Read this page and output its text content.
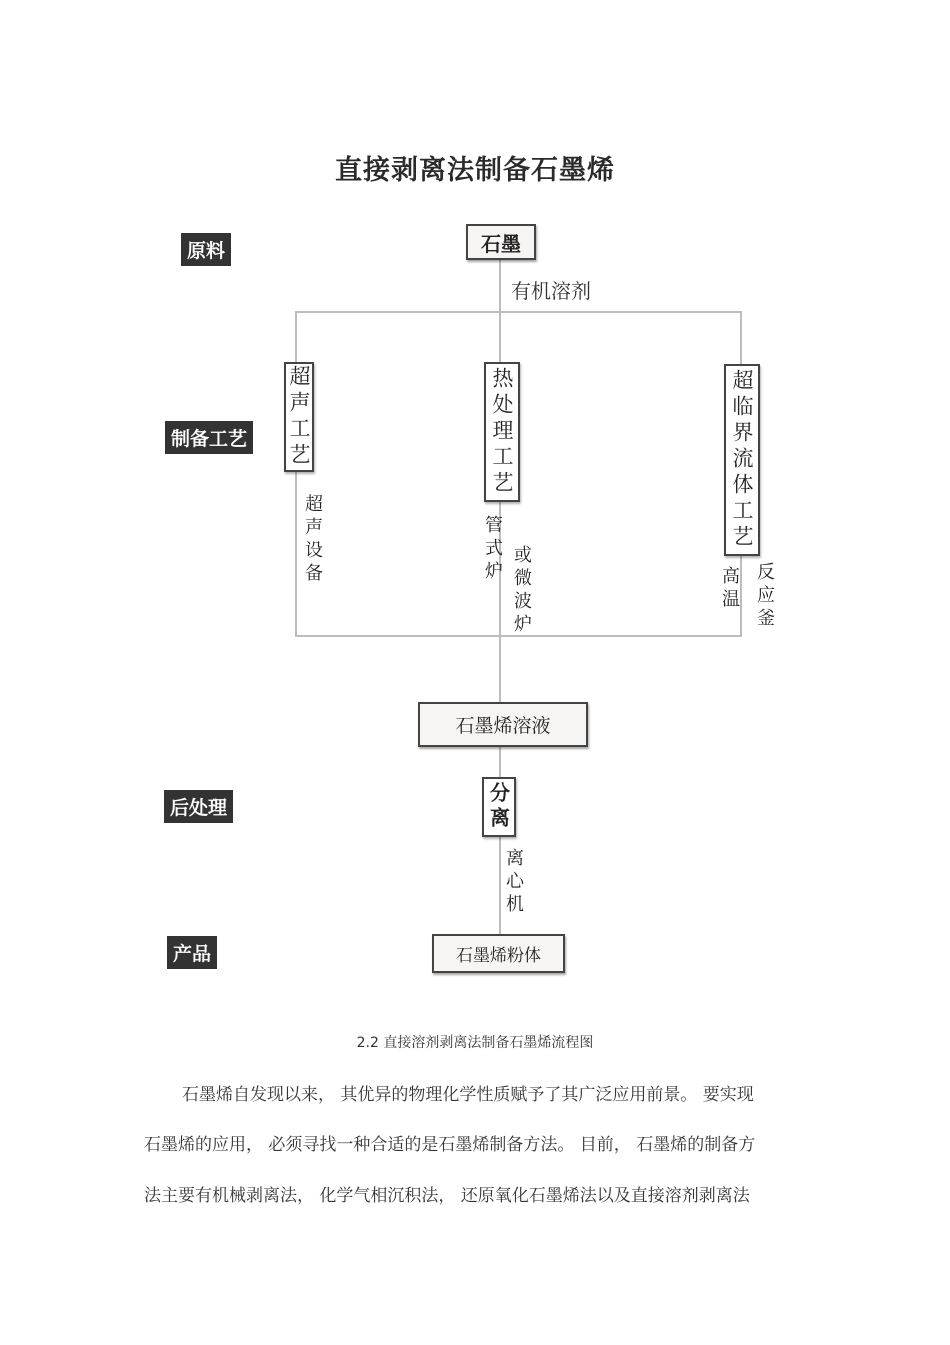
直接剥离法制备石墨烯
原料
制备工艺
后处理
产品
石墨
有机溶剂
超声工艺
超声设备
热处理工艺
管式炉 或微波炉
超临界流体工艺
高温 反应釜
石墨烯溶液
分离
离心机
石墨烯粉体
2.2 直接溶剂剥离法制备石墨烯流程图
石墨烯自发现以来， 其优异的物理化学性质赋予了其广泛应用前景。 要实现
石墨烯的应用， 必须寻找一种合适的是石墨烯制备方法。 目前， 石墨烯的制备方
法主要有机械剥离法， 化学气相沉积法， 还原氧化石墨烯法以及直接溶剂剥离法
